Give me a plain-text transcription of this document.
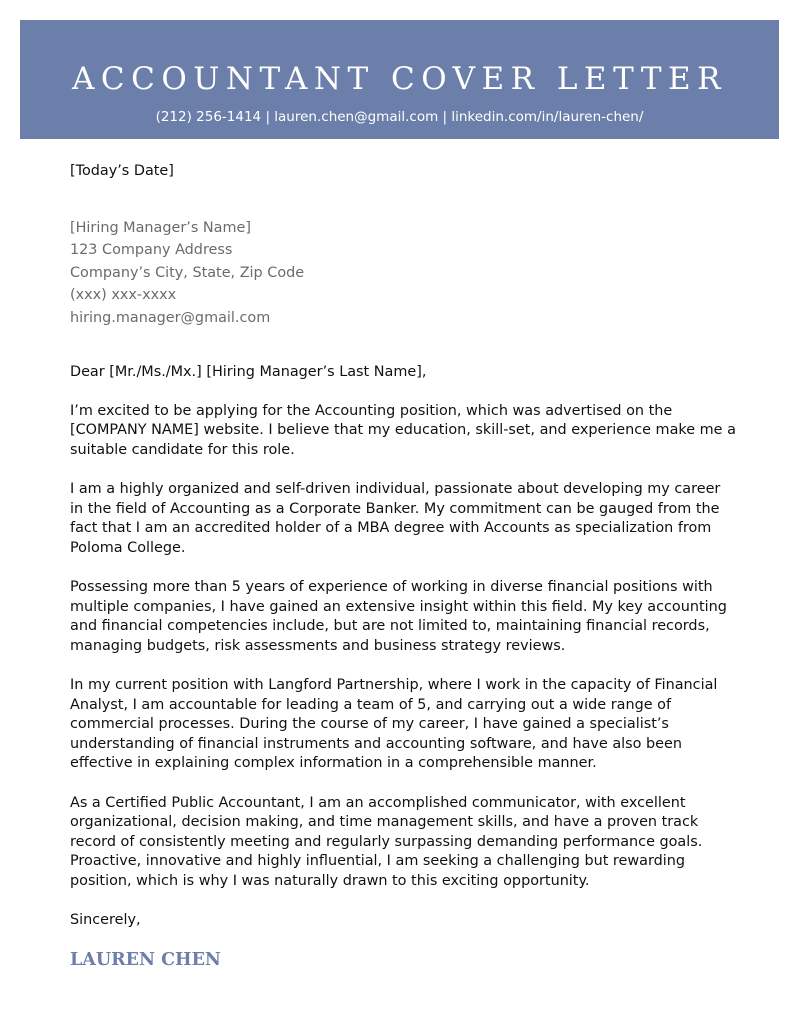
ACCOUNTANT COVER LETTER
(212) 256-1414 | lauren.chen@gmail.com | linkedin.com/in/lauren-chen/
[Today’s Date]
[Hiring Manager’s Name]
123 Company Address
Company’s City, State, Zip Code
(xxx) xxx-xxxx
hiring.manager@gmail.com
Dear [Mr./Ms./Mx.] [Hiring Manager’s Last Name],

I’m excited to be applying for the Accounting position, which was advertised on the [COMPANY NAME] website. I believe that my education, skill-set, and experience make me a suitable candidate for this role.

I am a highly organized and self-driven individual, passionate about developing my career in the field of Accounting as a Corporate Banker. My commitment can be gauged from the fact that I am an accredited holder of a MBA degree with Accounts as specialization from Poloma College.

Possessing more than 5 years of experience of working in diverse financial positions with multiple companies, I have gained an extensive insight within this field. My key accounting and financial competencies include, but are not limited to, maintaining financial records, managing budgets, risk assessments and business strategy reviews.

In my current position with Langford Partnership, where I work in the capacity of Financial Analyst, I am accountable for leading a team of 5, and carrying out a wide range of commercial processes. During the course of my career, I have gained a specialist’s understanding of financial instruments and accounting software, and have also been effective in explaining complex information in a comprehensible manner.

As a Certified Public Accountant, I am an accomplished communicator, with excellent organizational, decision making, and time management skills, and have a proven track record of consistently meeting and regularly surpassing demanding performance goals.

Proactive, innovative and highly influential, I am seeking a challenging but rewarding position, which is why I was naturally drawn to this exciting opportunity.

Sincerely,
LAUREN CHEN
